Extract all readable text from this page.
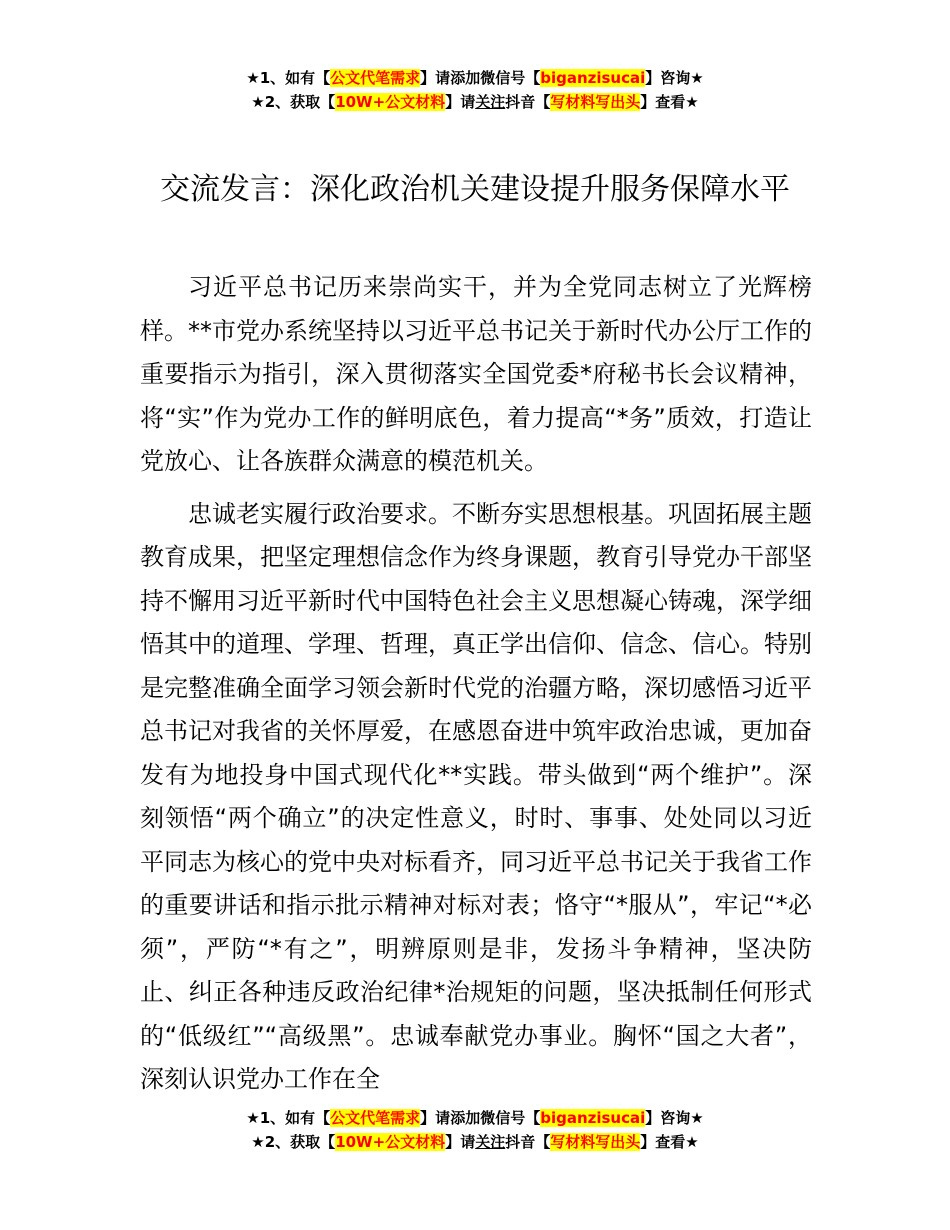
★1、如有【公文代笔需求】请添加微信号【biganzisucai】咨询★
★2、获取【10W+公文材料】请关注抖音【写材料写出头】查看★
交流发言：深化政治机关建设提升服务保障水平

习近平总书记历来崇尚实干，并为全党同志树立了光辉榜样。**市党办系统坚持以习近平总书记关于新时代办公厅工作的重要指示为指引，深入贯彻落实全国党委*府秘书长会议精神，将“实”作为党办工作的鲜明底色，着力提高“*务”质效，打造让党放心、让各族群众满意的模范机关。

忠诚老实履行政治要求。不断夯实思想根基。巩固拓展主题教育成果，把坚定理想信念作为终身课题，教育引导党办干部坚持不懈用习近平新时代中国特色社会主义思想凝心铸魂，深学细悟其中的道理、学理、哲理，真正学出信仰、信念、信心。特别是完整准确全面学习领会新时代党的治疆方略，深切感悟习近平总书记对我省的关怀厚爱，在感恩奋进中筑牢政治忠诚，更加奋发有为地投身中国式现代化**实践。带头做到“两个维护”。深刻领悟“两个确立”的决定性意义，时时、事事、处处同以习近平同志为核心的党中央对标看齐，同习近平总书记关于我省工作的重要讲话和指示批示精神对标对表；恪守“*服从”，牢记“*必须”，严防“*有之”，明辨原则是非，发扬斗争精神，坚决防止、纠正各种违反政治纪律*治规矩的问题，坚决抵制任何形式的“低级红”“高级黑”。忠诚奉献党办事业。胸怀“国之大者”，深刻认识党办工作在全

★1、如有【公文代笔需求】请添加微信号【biganzisucai】咨询★
★2、获取【10W+公文材料】请关注抖音【写材料写出头】查看★
